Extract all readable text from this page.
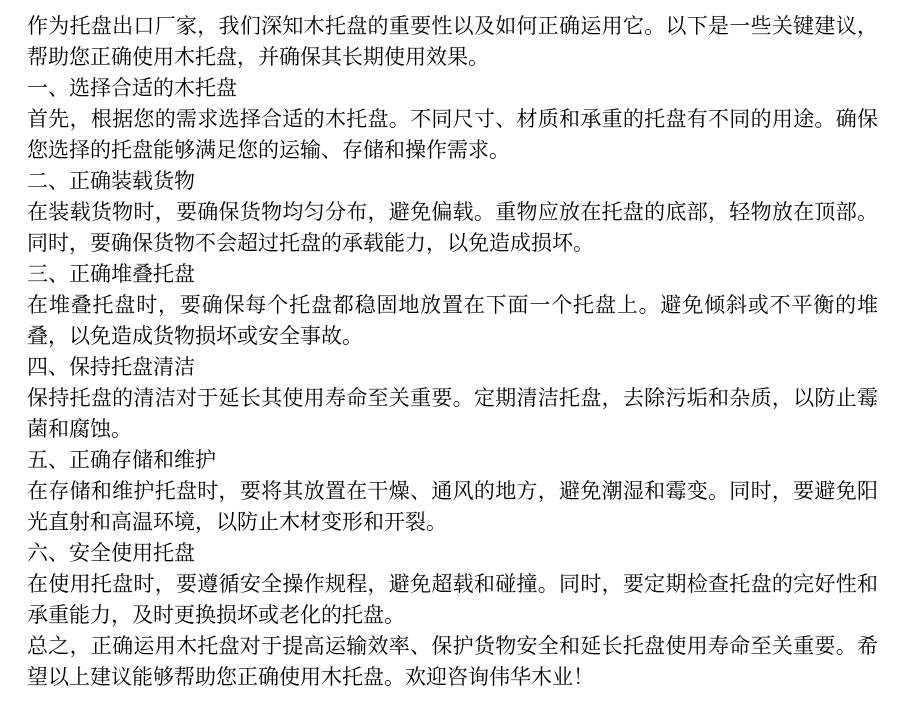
作为托盘出口厂家，我们深知木托盘的重要性以及如何正确运用它。以下是一些关键建议，帮助您正确使用木托盘，并确保其长期使用效果。

一、选择合适的木托盘

首先，根据您的需求选择合适的木托盘。不同尺寸、材质和承重的托盘有不同的用途。确保您选择的托盘能够满足您的运输、存储和操作需求。

二、正确装载货物

在装载货物时，要确保货物均匀分布，避免偏载。重物应放在托盘的底部，轻物放在顶部。同时，要确保货物不会超过托盘的承载能力，以免造成损坏。

三、正确堆叠托盘

在堆叠托盘时，要确保每个托盘都稳固地放置在下面一个托盘上。避免倾斜或不平衡的堆叠，以免造成货物损坏或安全事故。

四、保持托盘清洁

保持托盘的清洁对于延长其使用寿命至关重要。定期清洁托盘，去除污垢和杂质，以防止霉菌和腐蚀。

五、正确存储和维护

在存储和维护托盘时，要将其放置在干燥、通风的地方，避免潮湿和霉变。同时，要避免阳光直射和高温环境，以防止木材变形和开裂。

六、安全使用托盘

在使用托盘时，要遵循安全操作规程，避免超载和碰撞。同时，要定期检查托盘的完好性和承重能力，及时更换损坏或老化的托盘。

总之，正确运用木托盘对于提高运输效率、保护货物安全和延长托盘使用寿命至关重要。希望以上建议能够帮助您正确使用木托盘。欢迎咨询伟华木业！
